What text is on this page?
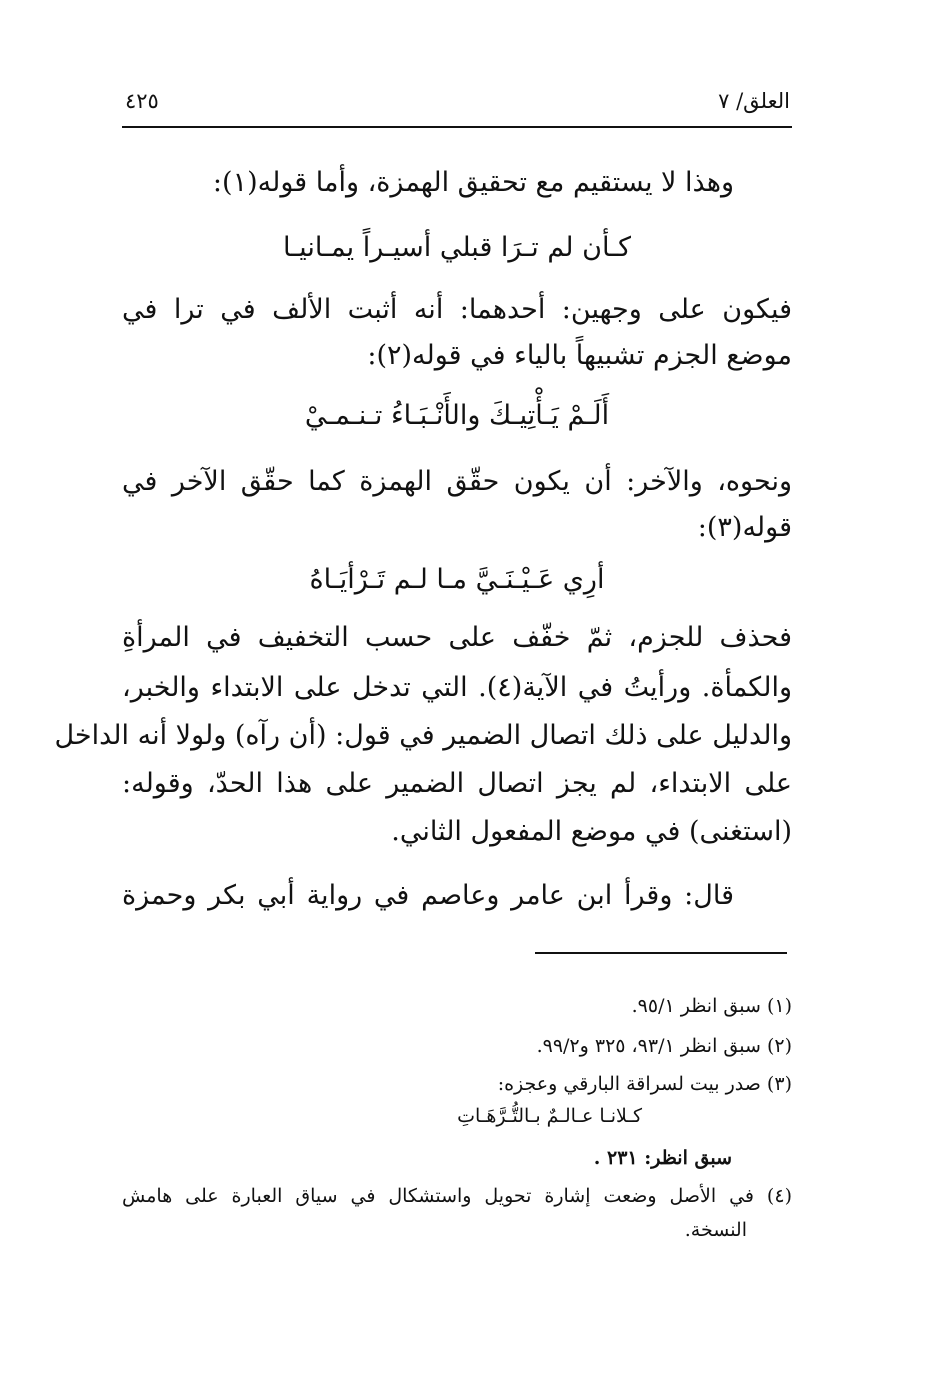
العلق/ ٧
٤٢٥
وهذا لا يستقيم مع تحقيق الهمزة، وأما قوله(١):
كـأن لم تـرَا قبلي أسيـراً يمـانيـا
فيكون على وجهين: أحدهما: أنه أثبت الألف في ترا في
موضع الجزم تشبيهاً بالياء في قوله(٢):
أَلَـمْ يَـأْتِيـكَ والأَنْـبَـاءُ تـنـمـيْ
ونحوه، والآخر: أن يكون حقّق الهمزة كما حقّق الآخر في
قوله(٣):
أرِي عَـيْـنَـيَّ مـا لـم تَـرْأيَـاهُ
فحذف للجزم، ثمّ خفّف على حسب التخفيف في المرأةِ
والكمأة. ورأيتُ في الآية(٤). التي تدخل على الابتداء والخبر،
والدليل على ذلك اتصال الضمير في قول: (أن رآه) ولولا أنه الداخل
على الابتداء، لم يجز اتصال الضمير على هذا الحدّ، وقوله:
(استغنى) في موضع المفعول الثاني.
قال: وقرأ ابن عامر وعاصم في رواية أبي بكر وحمزة
(١) سبق انظر ٩٥/١.
(٢) سبق انظر ٩٣/١، ٣٢٥ و٩٩/٢.
(٣) صدر بيت لسراقة البارقي وعجزه:
كـلانـا عـالـمٌ بـالتُّـرَّهَـاتِ
سبق انظر: ٢٣١ .
(٤) في الأصل وضعت إشارة تحويل واستشكال في سياق العبارة على هامش
النسخة.
